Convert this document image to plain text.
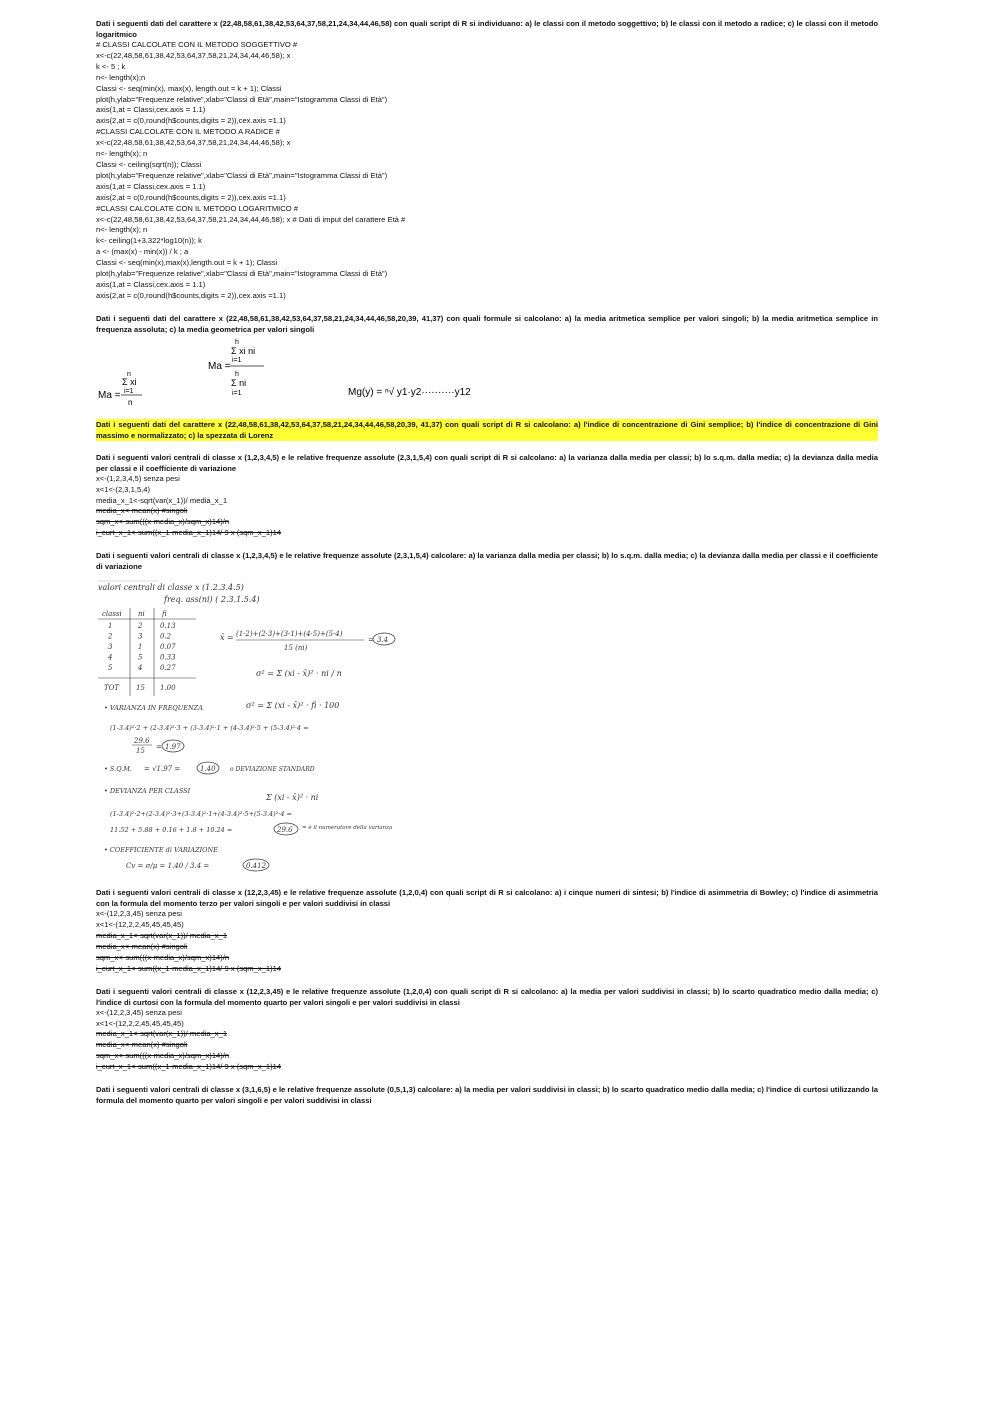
Dati i seguenti dati del carattere x (22,48,58,61,38,42,53,64,37,58,21,24,34,44,46,58) con quali script di R si individuano: a) le classi con il metodo soggettivo; b) le classi con il metodo a radice; c) le classi con il metodo logaritmico

# CLASSI CALCOLATE CON IL METODO SOGGETTIVO #

x<-c(22,48,58,61,38,42,53,64,37,58,21,24,34,44,46,58); x

k <- 5 ; k

n<- length(x);n

Classi <- seq(min(x), max(x), length.out = k + 1); Classi

plot(h,ylab="Frequenze relative",xlab="Classi di Età",main="Istogramma Classi di Età")

axis(1,at = Classi,cex.axis = 1.1)

axis(2,at = c(0,round(h$counts,digits = 2)),cex.axis =1.1)

#CLASSI CALCOLATE CON IL METODO A RADICE #

x<-c(22,48,58,61,38,42,53,64,37,58,21,24,34,44,46,58); x

n<- length(x); n

Classi <- ceiling(sqrt(n)); Classi

plot(h,ylab="Frequenze relative",xlab="Classi di Età",main="Istogramma Classi di Età")

axis(1,at = Classi,cex.axis = 1.1)

axis(2,at = c(0,round(h$counts,digits = 2)),cex.axis =1.1)

#CLASSI CALCOLATE CON IL METODO LOGARITMICO #

x<-c(22,48,58,61,38,42,53,64,37,58,21,24,34,44,46,58); x # Dati di imput del carattere Età #

n<- length(x); n

k<- ceiling(1+3.322*log10(n)); k

a <- (max(x) - min(x)) / k ; a

Classi <- seq(min(x),max(x),length.out = k + 1); Classi

plot(h,ylab="Frequenze relative",xlab="Classi di Età",main="Istogramma Classi di Età")

axis(1,at = Classi,cex.axis = 1.1)

axis(2,at = c(0,round(h$counts,digits = 2)),cex.axis =1.1)

Dati i seguenti dati del carattere x (22,48,58,61,38,42,53,64,37,58,21,24,34,44,46,58,20,39, 41,37) con quali formule si calcolano: a) la media aritmetica semplice per valori singoli; b) la media aritmetica semplice in frequenza assoluta; c) la media geometrica per valori singoli

Ma =
n
Σ xi
i=1
n
Ma =
h
Σ xi ni
i=1
h
Σ ni
i=1	Mg(y) = ⁿ√ y1·y2··········y12

Dati i seguenti dati del carattere x (22,48,58,61,38,42,53,64,37,58,21,24,34,44,46,58,20,39, 41,37) con quali script di R si calcolano: a) l'indice di concentrazione di Gini semplice; b) l'indice di concentrazione di Gini massimo e normalizzato; c) la spezzata di Lorenz

Dati i seguenti valori centrali di classe x (1,2,3,4,5) e le relative frequenze assolute (2,3,1,5,4) con quali script di R si calcolano: a) la varianza dalla media per classi; b) lo s.q.m. dalla media; c) la devianza dalla media per classi e il coefficiente di variazione

x<-(1,2,3,4,5) senza pesi

x<1<-(2,3,1,5,4)

media_x_1<-sqrt(var(x_1))/ media_x_1

media_x<-mean(x) #singoli

sqm_x<-sum(((x-media_x)/sqm_x)14)/n

i_curt_x_1<-sum((x_1-media_x_1)14/ 9 x (sqm_x_1)14

Dati i seguenti valori centrali di classe x (1,2,3,4,5) e le relative frequenze assolute (2,3,1,5,4) calcolare: a) la varianza dalla media per classi; b) lo s.q.m. dalla media; c) la devianza dalla media per classi e il coefficiente di variazione

valori centrali di classe x (1.2.3.4.5)
freq. ass(ni) ( 2.3.1.5.4)
classi ni fi
1	2	0.13
2	3	0.2
3	1	0.07
4	5	0.33
5	4	0.27
TOT 15 1.00
x̄ = (1·2)+(2·3)+(3·1)+(4·5)+(5·4)
15 (ni)
= 3.4
σ² = Σ (xi - x̄)² · ni / n
• VARIANZA IN FREQUENZA	σ² = Σ (xi - x̄)² · fi · 100
(1-3.4)²·2 + (2-3.4)²·3 + (3-3.4)²·1 + (4-3.4)²·5 + (5-3.4)²·4 =
29.6
15 = 1.97
• S.Q.M. = √1.97 =	1.40 o DEVIAZIONE STANDARD
• DEVIANZA PER CLASSI
Σ (xi - x̄)² · ni
(1-3.4)²·2+(2-3.4)²·3+(3-3.4)²·1+(4-3.4)²·5+(5-3.4)²·4 =
11.52 + 5.88 + 0.16 + 1.8 + 10.24 =	29.6 = è il numeratore della varianza
• COEFFICIENTE di VARIAZIONE
Cv = σ/μ = 1.40 / 3.4 =	0.412

Dati i seguenti valori centrali di classe x (12,2,3,45) e le relative frequenze assolute (1,2,0,4) con quali script di R si calcolano: a) i cinque numeri di sintesi; b) l'indice di asimmetria di Bowley; c) l'indice di asimmetria con la formula del momento terzo per valori singoli e per valori suddivisi in classi

x<-(12,2,3,45) senza pesi

x<1<-(12,2,2,45,45,45,45)

media_x_1<-sqrt(var(x_1))/ media_x_1

media_x<-mean(x) #singoli

sqm_x<-sum(((x-media_x)/sqm_x)14)/n

i_curt_x_1<-sum((x_1-media_x_1)14/ 9 x (sqm_x_1)14

Dati i seguenti valori centrali di classe x (12,2,3,45) e le relative frequenze assolute (1,2,0,4) con quali script di R si calcolano: a) la media per valori suddivisi in classi; b) lo scarto quadratico medio dalla media; c) l'indice di curtosi con la formula del momento quarto per valori singoli e per valori suddivisi in classi

x<-(12,2,3,45) senza pesi

x<1<-(12,2,2,45,45,45,45)

media_x_1<-sqrt(var(x_1))/ media_x_1

media_x<-mean(x) #singoli

sqm_x<-sum(((x-media_x)/sqm_x)14)/n

i_curt_x_1<-sum((x_1-media_x_1)14/ 9 x (sqm_x_1)14

Dati i seguenti valori centrali di classe x (3,1,6,5) e le relative frequenze assolute (0,5,1,3) calcolare: a) la media per valori suddivisi in classi; b) lo scarto quadratico medio dalla media; c) l'indice di curtosi utilizzando la formula del momento quarto per valori singoli e per valori suddivisi in classi
